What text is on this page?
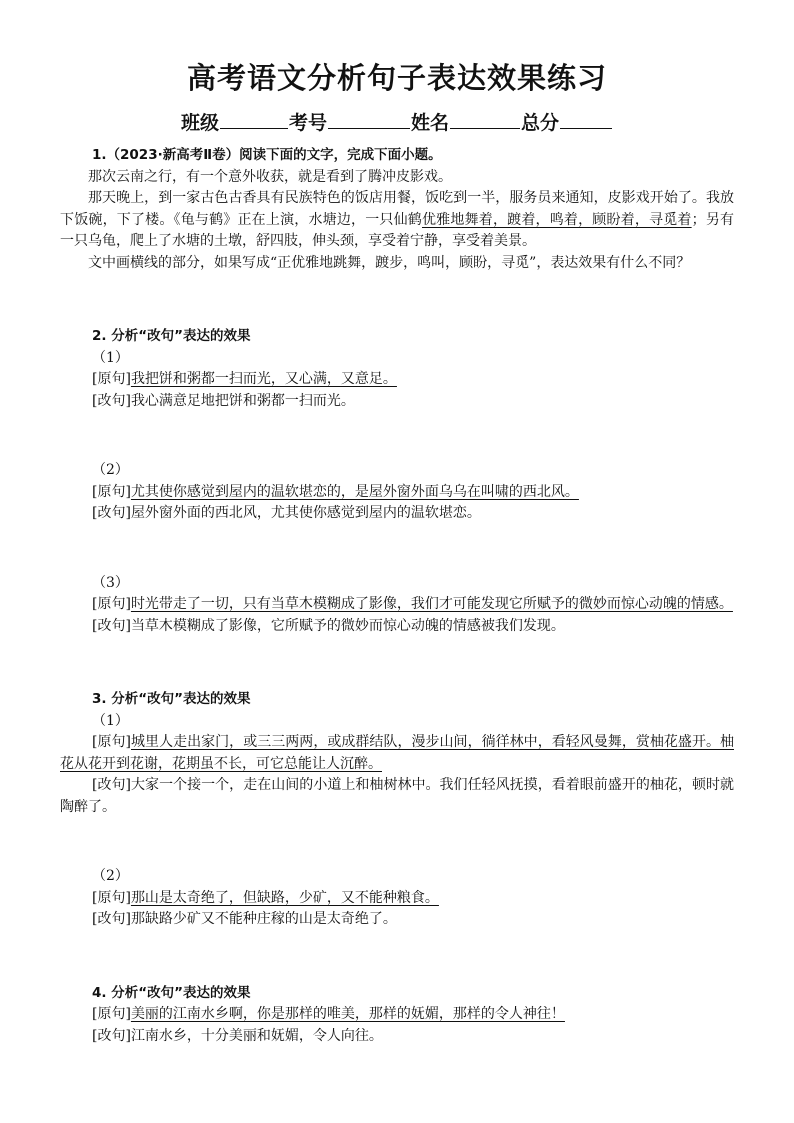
高考语文分析句子表达效果练习
班级	考号	姓名	总分
1.（2023·新高考Ⅱ卷）阅读下面的文字，完成下面小题。

那次云南之行，有一个意外收获，就是看到了腾冲皮影戏。

那天晚上，到一家古色古香具有民族特色的饭店用餐，饭吃到一半，服务员来通知，皮影戏开始了。我放下饭碗，下了楼。《龟与鹤》正在上演，水塘边，一只仙鹤优雅地舞着，踱着，鸣着，顾盼着，寻觅着；另有一只乌龟，爬上了水塘的土墩，舒四肢，伸头颈，享受着宁静，享受着美景。

文中画横线的部分，如果写成“正优雅地跳舞，踱步，鸣叫，顾盼，寻觅”，表达效果有什么不同？

2. 分析“改句”表达的效果
（1）

[原句]我把饼和粥都一扫而光，又心满，又意足。

[改句]我心满意足地把饼和粥都一扫而光。

（2）

[原句]尤其使你感觉到屋内的温软堪恋的，是屋外窗外面乌乌在叫啸的西北风。

[改句]屋外窗外面的西北风，尤其使你感觉到屋内的温软堪恋。

（3）

[原句]时光带走了一切，只有当草木模糊成了影像，我们才可能发现它所赋予的微妙而惊心动魄的情感。

[改句]当草木模糊成了影像，它所赋予的微妙而惊心动魄的情感被我们发现。

3. 分析“改句”表达的效果
（1）

[原句]城里人走出家门，或三三两两，或成群结队，漫步山间，徜徉林中，看轻风曼舞，赏柚花盛开。柚花从花开到花谢，花期虽不长，可它总能让人沉醉。

[改句]大家一个接一个，走在山间的小道上和柚树林中。我们任轻风抚摸，看着眼前盛开的柚花，顿时就陶醉了。

（2）

[原句]那山是太奇绝了，但缺路，少矿，又不能种粮食。

[改句]那缺路少矿又不能种庄稼的山是太奇绝了。

4. 分析“改句”表达的效果

[原句]美丽的江南水乡啊，你是那样的唯美，那样的妩媚，那样的令人神往！

[改句]江南水乡，十分美丽和妩媚，令人向往。
